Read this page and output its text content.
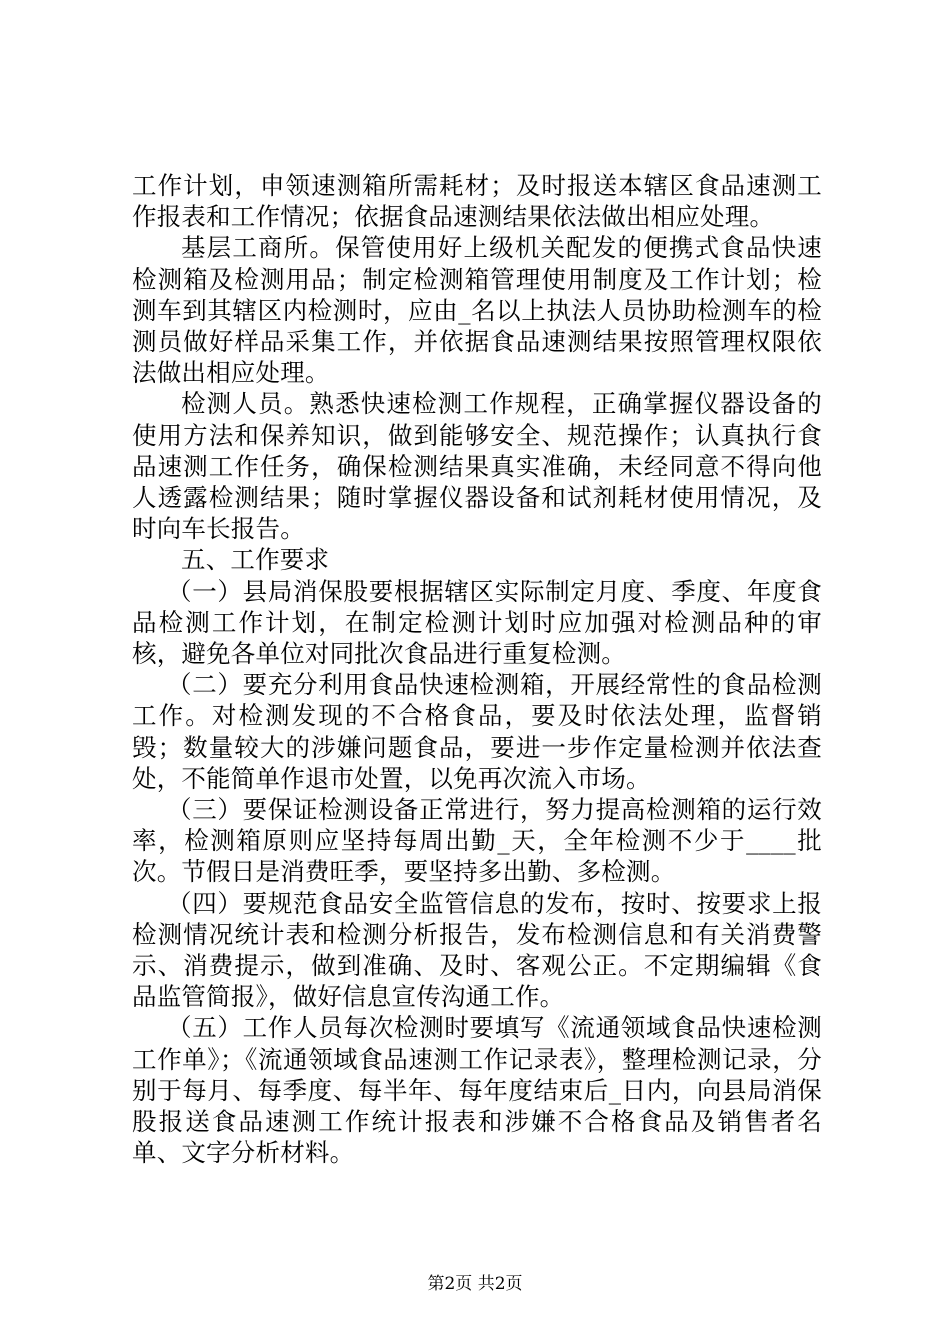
工作计划，申领速测箱所需耗材；及时报送本辖区食品速测工作报表和工作情况；依据食品速测结果依法做出相应处理。

基层工商所。保管使用好上级机关配发的便携式食品快速检测箱及检测用品；制定检测箱管理使用制度及工作计划；检测车到其辖区内检测时，应由_名以上执法人员协助检测车的检测员做好样品采集工作，并依据食品速测结果按照管理权限依法做出相应处理。

检测人员。熟悉快速检测工作规程，正确掌握仪器设备的使用方法和保养知识，做到能够安全、规范操作；认真执行食品速测工作任务，确保检测结果真实准确，未经同意不得向他人透露检测结果；随时掌握仪器设备和试剂耗材使用情况，及时向车长报告。

五、工作要求

（一）县局消保股要根据辖区实际制定月度、季度、年度食品检测工作计划，在制定检测计划时应加强对检测品种的审核，避免各单位对同批次食品进行重复检测。

（二）要充分利用食品快速检测箱，开展经常性的食品检测工作。对检测发现的不合格食品，要及时依法处理，监督销毁；数量较大的涉嫌问题食品，要进一步作定量检测并依法查处，不能简单作退市处置，以免再次流入市场。

（三）要保证检测设备正常进行，努力提高检测箱的运行效率，检测箱原则应坚持每周出勤_天，全年检测不少于____批次。节假日是消费旺季，要坚持多出勤、多检测。

（四）要规范食品安全监管信息的发布，按时、按要求上报检测情况统计表和检测分析报告，发布检测信息和有关消费警示、消费提示，做到准确、及时、客观公正。不定期编辑《食品监管简报》，做好信息宣传沟通工作。

（五）工作人员每次检测时要填写《流通领域食品快速检测工作单》；《流通领域食品速测工作记录表》，整理检测记录，分别于每月、每季度、每半年、每年度结束后_日内，向县局消保股报送食品速测工作统计报表和涉嫌不合格食品及销售者名单、文字分析材料。

第2页 共2页
